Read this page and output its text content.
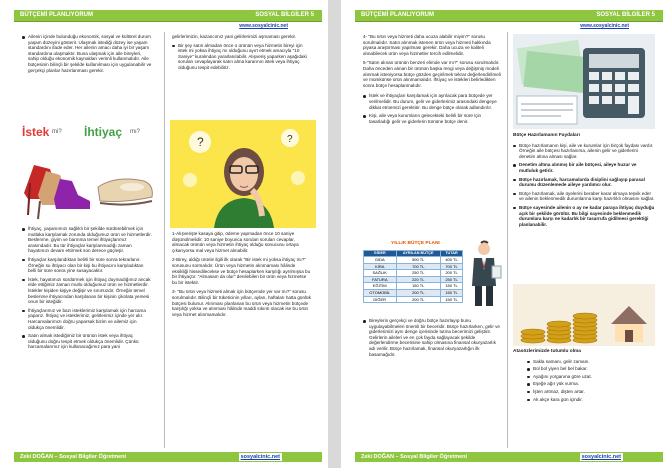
BÜTÇEMİ PLANLIYORUM	SOSYAL BİLGİLER 5
www.sosyalcinic.net
Ailenin içinde bulunduğu ekonomik, sosyal ve kültürel durum yaşam düzeyini gösterir. Ulaşmak istediği düzey ise yaşam standardını ifade eder. Her ailenin amacı daha iyi bir yaşam standardına ulaşmaktır. Buna ulaşmak için aile bireyleri, sahip olduğu ekonomik kaynakları verimli kullanmalıdır. Aile bütçesinin bilinçli bir şekilde kullanılması için uygulanabilir ve gerçekçi planlar hazırlanması gerekir.
İstek mi? İhtiyaç mı?
İhtiyaç, yaşamımızı sağlıklı bir şekilde sürdürebilmek için mutlaka karşılamak zorunda olduğumuz ürün ve hizmetlerdir. Beslenme, giyim ve barınma temel ihtiyaçlarımız arasındadır. Bu tür ihtiyaçlar karşılanmadığı zaman hayatımızı devam ettirmek son derece güçleşir.
İhtiyaçlar karşılandıktan belirli bir süre sonra tekrarlanır. Örneğin su ihtiyacı olan bir kişi bu ihtiyacını karşıladıktan belli bir süre sonra yine susayacaktır.
İstek, hayatımızı sürdürmek için ihtiyaç duymadığımız ancak elde ettiğimiz zaman mutlu olduğumuz ürün ve hizmetlerdir. İstekler kişiden kişiye değişir ve sınırsızdır. Örneğin temel beslenme ihtiyacından karşılanan bir kişinin çikolata yemesi onun bir isteğidir.
İhtiyaçlarımız ve bazı isteklerimiz karşılamak için harcama yaparız. İhtiyaç ve isteklerimiz, gelirlerimiz içinde yer alır. Harcamalarımızı doğru yaparsak bizim ve ailemiz için oldukça önemlidir.
Satın almak istediğimiz bir ürünün istek veya ihtiyaç olduğunu doğru tespit etmek oldukça önemlidir. Çünkü harcamalarımız için kullanacağımız para yani

gelirlerimizin, kazancımız yani gelirlerimizi aşmaması gerekir.

Bir şey satın almadan önce o ürünün veya hizmetin bireyi için istek mi yoksa ihtiyaç mı olduğunu ayırt etmek amacıyla "10 Saniye" kuralından yararlanılabilir. Alışveriş yaparken aşağıdaki soruları cevaplayarak satın alma kararının istek veya ihtiyaç olduğunu tespit edebiliriz.
?	?

1-Alışverişte kasaya gitip, ödeme yapmadan önce 10 saniye düşünülmelidir. 10 saniye boyunca sorulan soruları cevaplar, almacak ürünün veya hizmetin ihtiyaç olduğu sonucunu ortaya çıkarıyorsa mal veya hizmet alınabilir.

2-Birey, aldığı ürünle ilgili ilk olarak "Bir istek mi yoksa ihtiyaç mı?" sorusunu sormalıdır. Ürün veya hizmetin alınmaması hâlinde eksikliği hissedilecekse ve bütçe hesaplarken karşılığı ayrılmışsa bu bir ihtiyaçtır. "Almasam da olur" denilebilen bir ürün veya hizmetse bu bir istektir.

3- "Bu ürün veya hizmeti almak için bütçemde yer var mı?" sorusu sorulmalıdır. Bilinçli bir tüketicinin yılları, ayları, haftaları hatta günlük bütçesi bulunur. Alınması planlanan bu ürün veya hizmetin bütçede karşılığı yoksa ve alınması hâlinde maddi sıkıntı olacak ise bu ürün veya hizmet alınmamalıdır.

Zeki DOĞAN – Sosyal Bilgiler Öğretmeni	sosyalcinic.net
BÜTÇEMİ PLANLIYORUM	SOSYAL BİLGİLER 5
www.sosyalcinic.net

4- "Bu ürün veya hizmeti daha ucuza alabilir miyim?" sorusu sorulmalıdır. Satın alınmak istenen ürün veya hizmeti hakkında piyasa araştırması yapılması gerekir. Daha ucuza ve kaliteli alınabilecek ürün veya hizmetler tercih edilmelidir.

5-"Satın alınan ürünün benzeri elimde var mı?" sorusu sorulmalıdır. Daha önceden alınan bir ürünün başka rengi veya değişmiş modeli alınmak isteniyorsa bütçe gözden geçirilmek tekrar değerlendirilmeli ve mümkünse ürün alınmamalıdır. İhtiyaç ve istekleri belirledikten sonra bütçe hesaplanmalıdır.

İstek ve ihtiyaçları karşılamak için ayrılacak para bütçede yer verilmelidir. Bu durum, gelir ve giderlerimiz arasındaki dengeye dikkat etmemizi gerektirir. Bu denge bütçe olarak adlandırılır.
Kişi, aile veya kurumların gelecekteki belirli bir süre için tasarladığı gelir ve giderlerin tümüne bütçe denir.
YILLIK BÜTÇE PLANI
GİDER	AYRILAN BÜTÇE	TUTAR
GIDA	500 TL	400 TL
KİRA	700 TL	700 TL
SAĞLIK	250 TL	200 TL
FATURA	220 TL	250 TL
EĞİTİM	150 TL	150 TL
OTOMOBİL	200 TL	150 TL
DİĞER	200 TL	150 TL
Bireylerin gerçekçi ve doğru bütçe hazırlayıp bunu uygulayabilmeleri önemli bir beceridir. Bütçe hazırlarken, gelir ve giderlerimizi aynı denge içerisinde tutma becerimizi geliştirir. Gelirlerin aileleri ve en çok fayda sağlayacak şekilde değerlendirme becerisine sahip olmasına finansal okuryazarlık adı verilir. Bütçe hazırlamak, finansal okuryazarlığın ilk basamağıdır.

Bütçe Hazırlamanın Faydaları

Bütçe hazırlamanın kişi, aile ve kurumlar için birçok faydası vardır. Örneğin aile bütçesi hazırlanırsa, ailenin gelir ve giderlerini denetim altına alması sağlar.
Denetim altına alınmış bir aile bütçesi, aileye huzur ve mutluluk getirir.
Bütçe hazırlamak, harcamalarda disiplini sağlayıp parasal durumu düzenlemede aileye yardımcı olur.
Bütçe hazırlamak, aile üyelerini beraber karar almaya teşvik eder ve ailenin beklenmedik durumlarına karşı hazırlıklı olmasını sağlar.
Bütçe sayesinde ailenin o ay ne kadar paraya ihtiyaç duyduğu açık bir şekilde görülür. Bu bilgi sayesinde beklenmedik durumlara karşı ne kadarlık bir tasarrufa gidilmesi gerektiği planlanabilir.

Atasözlerimizde tutumlu olma

Sakla samanı, gelir zamanı.
Bol bol yiyen bel bel bakar.
Ayağını yorganına göre uzat.
Eşeğe ağır yük vurma.
İşten artmaz, dişten artar.
Ak akçe kara gün içindir.
Zeki DOĞAN – Sosyal Bilgiler Öğretmeni	sosyalcinic.net
